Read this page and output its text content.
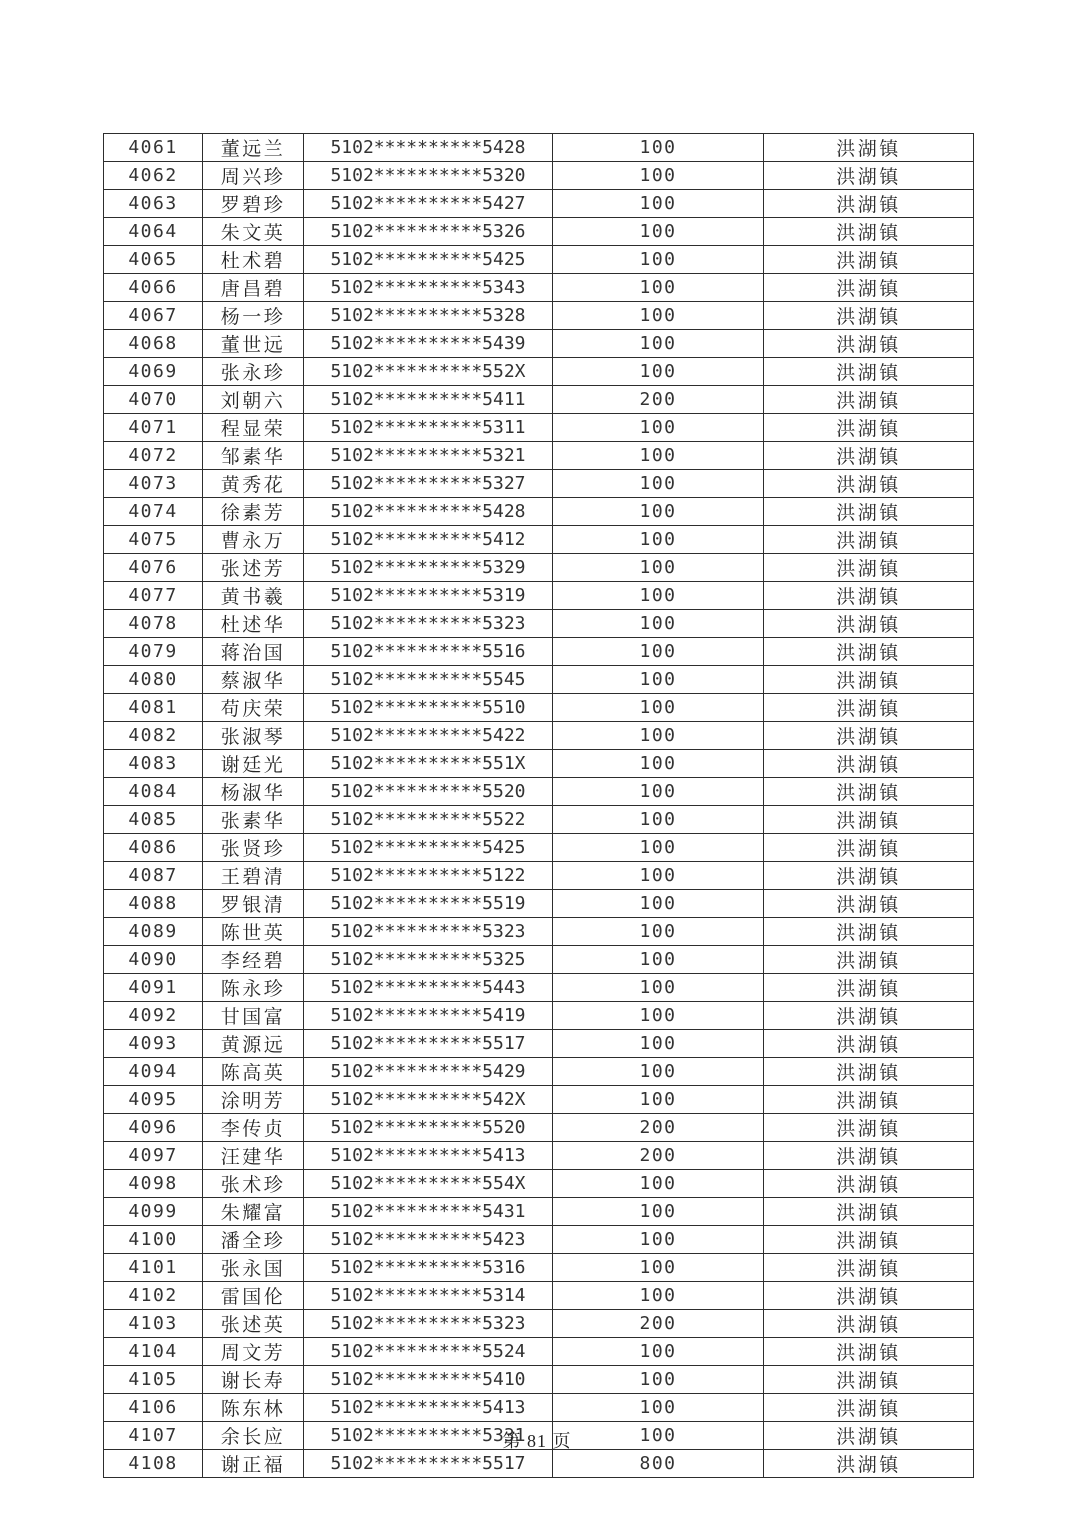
4061	董远兰	5102**********5428	100	洪湖镇
4062	周兴珍	5102**********5320	100	洪湖镇
4063	罗碧珍	5102**********5427	100	洪湖镇
4064	朱文英	5102**********5326	100	洪湖镇
4065	杜术碧	5102**********5425	100	洪湖镇
4066	唐昌碧	5102**********5343	100	洪湖镇
4067	杨一珍	5102**********5328	100	洪湖镇
4068	董世远	5102**********5439	100	洪湖镇
4069	张永珍	5102**********552X	100	洪湖镇
4070	刘朝六	5102**********5411	200	洪湖镇
4071	程显荣	5102**********5311	100	洪湖镇
4072	邹素华	5102**********5321	100	洪湖镇
4073	黄秀花	5102**********5327	100	洪湖镇
4074	徐素芳	5102**********5428	100	洪湖镇
4075	曹永万	5102**********5412	100	洪湖镇
4076	张述芳	5102**********5329	100	洪湖镇
4077	黄书羲	5102**********5319	100	洪湖镇
4078	杜述华	5102**********5323	100	洪湖镇
4079	蒋治国	5102**********5516	100	洪湖镇
4080	蔡淑华	5102**********5545	100	洪湖镇
4081	苟庆荣	5102**********5510	100	洪湖镇
4082	张淑琴	5102**********5422	100	洪湖镇
4083	谢廷光	5102**********551X	100	洪湖镇
4084	杨淑华	5102**********5520	100	洪湖镇
4085	张素华	5102**********5522	100	洪湖镇
4086	张贤珍	5102**********5425	100	洪湖镇
4087	王碧清	5102**********5122	100	洪湖镇
4088	罗银清	5102**********5519	100	洪湖镇
4089	陈世英	5102**********5323	100	洪湖镇
4090	李经碧	5102**********5325	100	洪湖镇
4091	陈永珍	5102**********5443	100	洪湖镇
4092	甘国富	5102**********5419	100	洪湖镇
4093	黄源远	5102**********5517	100	洪湖镇
4094	陈高英	5102**********5429	100	洪湖镇
4095	涂明芳	5102**********542X	100	洪湖镇
4096	李传贞	5102**********5520	200	洪湖镇
4097	汪建华	5102**********5413	200	洪湖镇
4098	张术珍	5102**********554X	100	洪湖镇
4099	朱耀富	5102**********5431	100	洪湖镇
4100	潘全珍	5102**********5423	100	洪湖镇
4101	张永国	5102**********5316	100	洪湖镇
4102	雷国伦	5102**********5314	100	洪湖镇
4103	张述英	5102**********5323	200	洪湖镇
4104	周文芳	5102**********5524	100	洪湖镇
4105	谢长寿	5102**********5410	100	洪湖镇
4106	陈东林	5102**********5413	100	洪湖镇
4107	余长应	5102**********5331	100	洪湖镇
4108	谢正福	5102**********5517	800	洪湖镇
第 81 页
